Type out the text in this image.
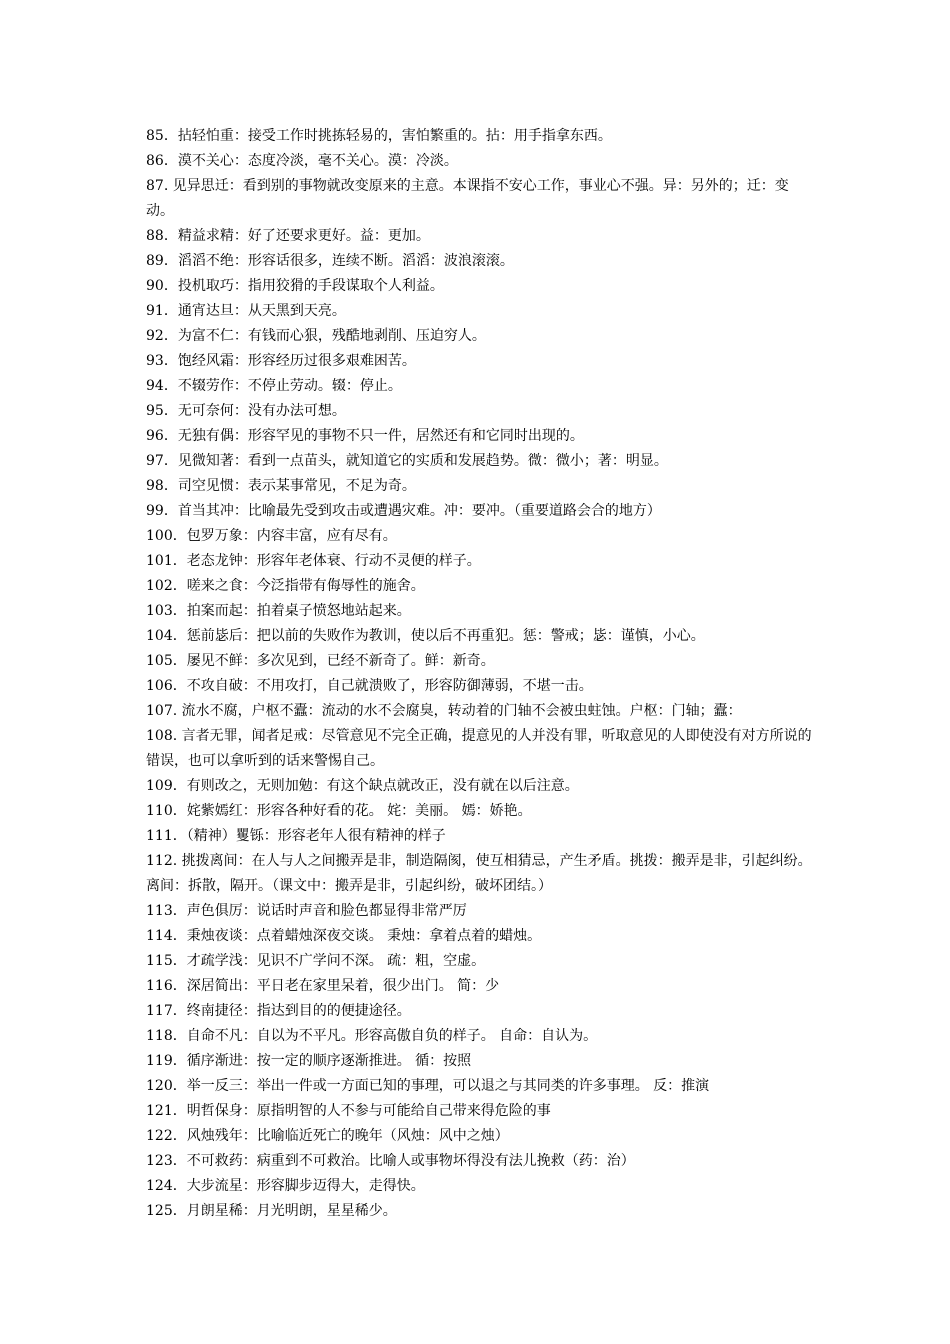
85．拈轻怕重：接受工作时挑拣轻易的，害怕繁重的。拈：用手指拿东西。

86．漠不关心：态度冷淡，毫不关心。漠：冷淡。

87. 见异思迁：看到别的事物就改变原来的主意。本课指不安心工作，事业心不强。异：另外的；迁：变动。

88．精益求精：好了还要求更好。益：更加。

89．滔滔不绝：形容话很多，连续不断。滔滔：波浪滚滚。

90．投机取巧：指用狡猾的手段谋取个人利益。

91．通宵达旦：从天黑到天亮。

92．为富不仁：有钱而心狠，残酷地剥削、压迫穷人。

93．饱经风霜：形容经历过很多艰难困苦。

94．不辍劳作：不停止劳动。辍：停止。

95．无可奈何：没有办法可想。

96．无独有偶：形容罕见的事物不只一件，居然还有和它同时出现的。

97．见微知著：看到一点苗头，就知道它的实质和发展趋势。微：微小；著：明显。

98．司空见惯：表示某事常见，不足为奇。

99．首当其冲：比喻最先受到攻击或遭遇灾难。冲：要冲。（重要道路会合的地方）

100．包罗万象：内容丰富，应有尽有。

101．老态龙钟：形容年老体衰、行动不灵便的样子。

102．嗟来之食：今泛指带有侮辱性的施舍。

103．拍案而起：拍着桌子愤怒地站起来。

104．惩前毖后：把以前的失败作为教训，使以后不再重犯。惩：警戒；毖：谨慎，小心。

105．屡见不鲜：多次见到，已经不新奇了。鲜：新奇。

106．不攻自破：不用攻打，自己就溃败了，形容防御薄弱，不堪一击。

107. 流水不腐，户枢不蠹：流动的水不会腐臭，转动着的门轴不会被虫蛀蚀。户枢：门轴；蠹：

108. 言者无罪，闻者足戒：尽管意见不完全正确，提意见的人并没有罪，听取意见的人即使没有对方所说的错误，也可以拿听到的话来警惕自己。

109．有则改之，无则加勉：有这个缺点就改正，没有就在以后注意。

110．姹紫嫣红：形容各种好看的花。 姹：美丽。 嫣：娇艳。

111．（精神）矍铄：形容老年人很有精神的样子

112. 挑拨离间：在人与人之间搬弄是非，制造隔阂，使互相猜忌，产生矛盾。挑拨：搬弄是非，引起纠纷。离间：拆散，隔开。（课文中：搬弄是非，引起纠纷，破坏团结。）

113．声色俱厉：说话时声音和脸色都显得非常严厉

114．秉烛夜谈：点着蜡烛深夜交谈。 秉烛：拿着点着的蜡烛。

115．才疏学浅：见识不广学问不深。 疏：粗，空虚。

116．深居简出：平日老在家里呆着，很少出门。 简：少

117．终南捷径：指达到目的的便捷途径。

118．自命不凡：自以为不平凡。形容高傲自负的样子。 自命：自认为。

119．循序渐进：按一定的顺序逐渐推进。 循：按照

120．举一反三：举出一件或一方面已知的事理，可以退之与其同类的许多事理。 反：推演

121．明哲保身：原指明智的人不参与可能给自己带来得危险的事

122．风烛残年：比喻临近死亡的晚年（风烛：风中之烛）

123．不可救药：病重到不可救治。比喻人或事物坏得没有法儿挽救（药：治）

124．大步流星：形容脚步迈得大，走得快。

125．月朗星稀：月光明朗，星星稀少。
